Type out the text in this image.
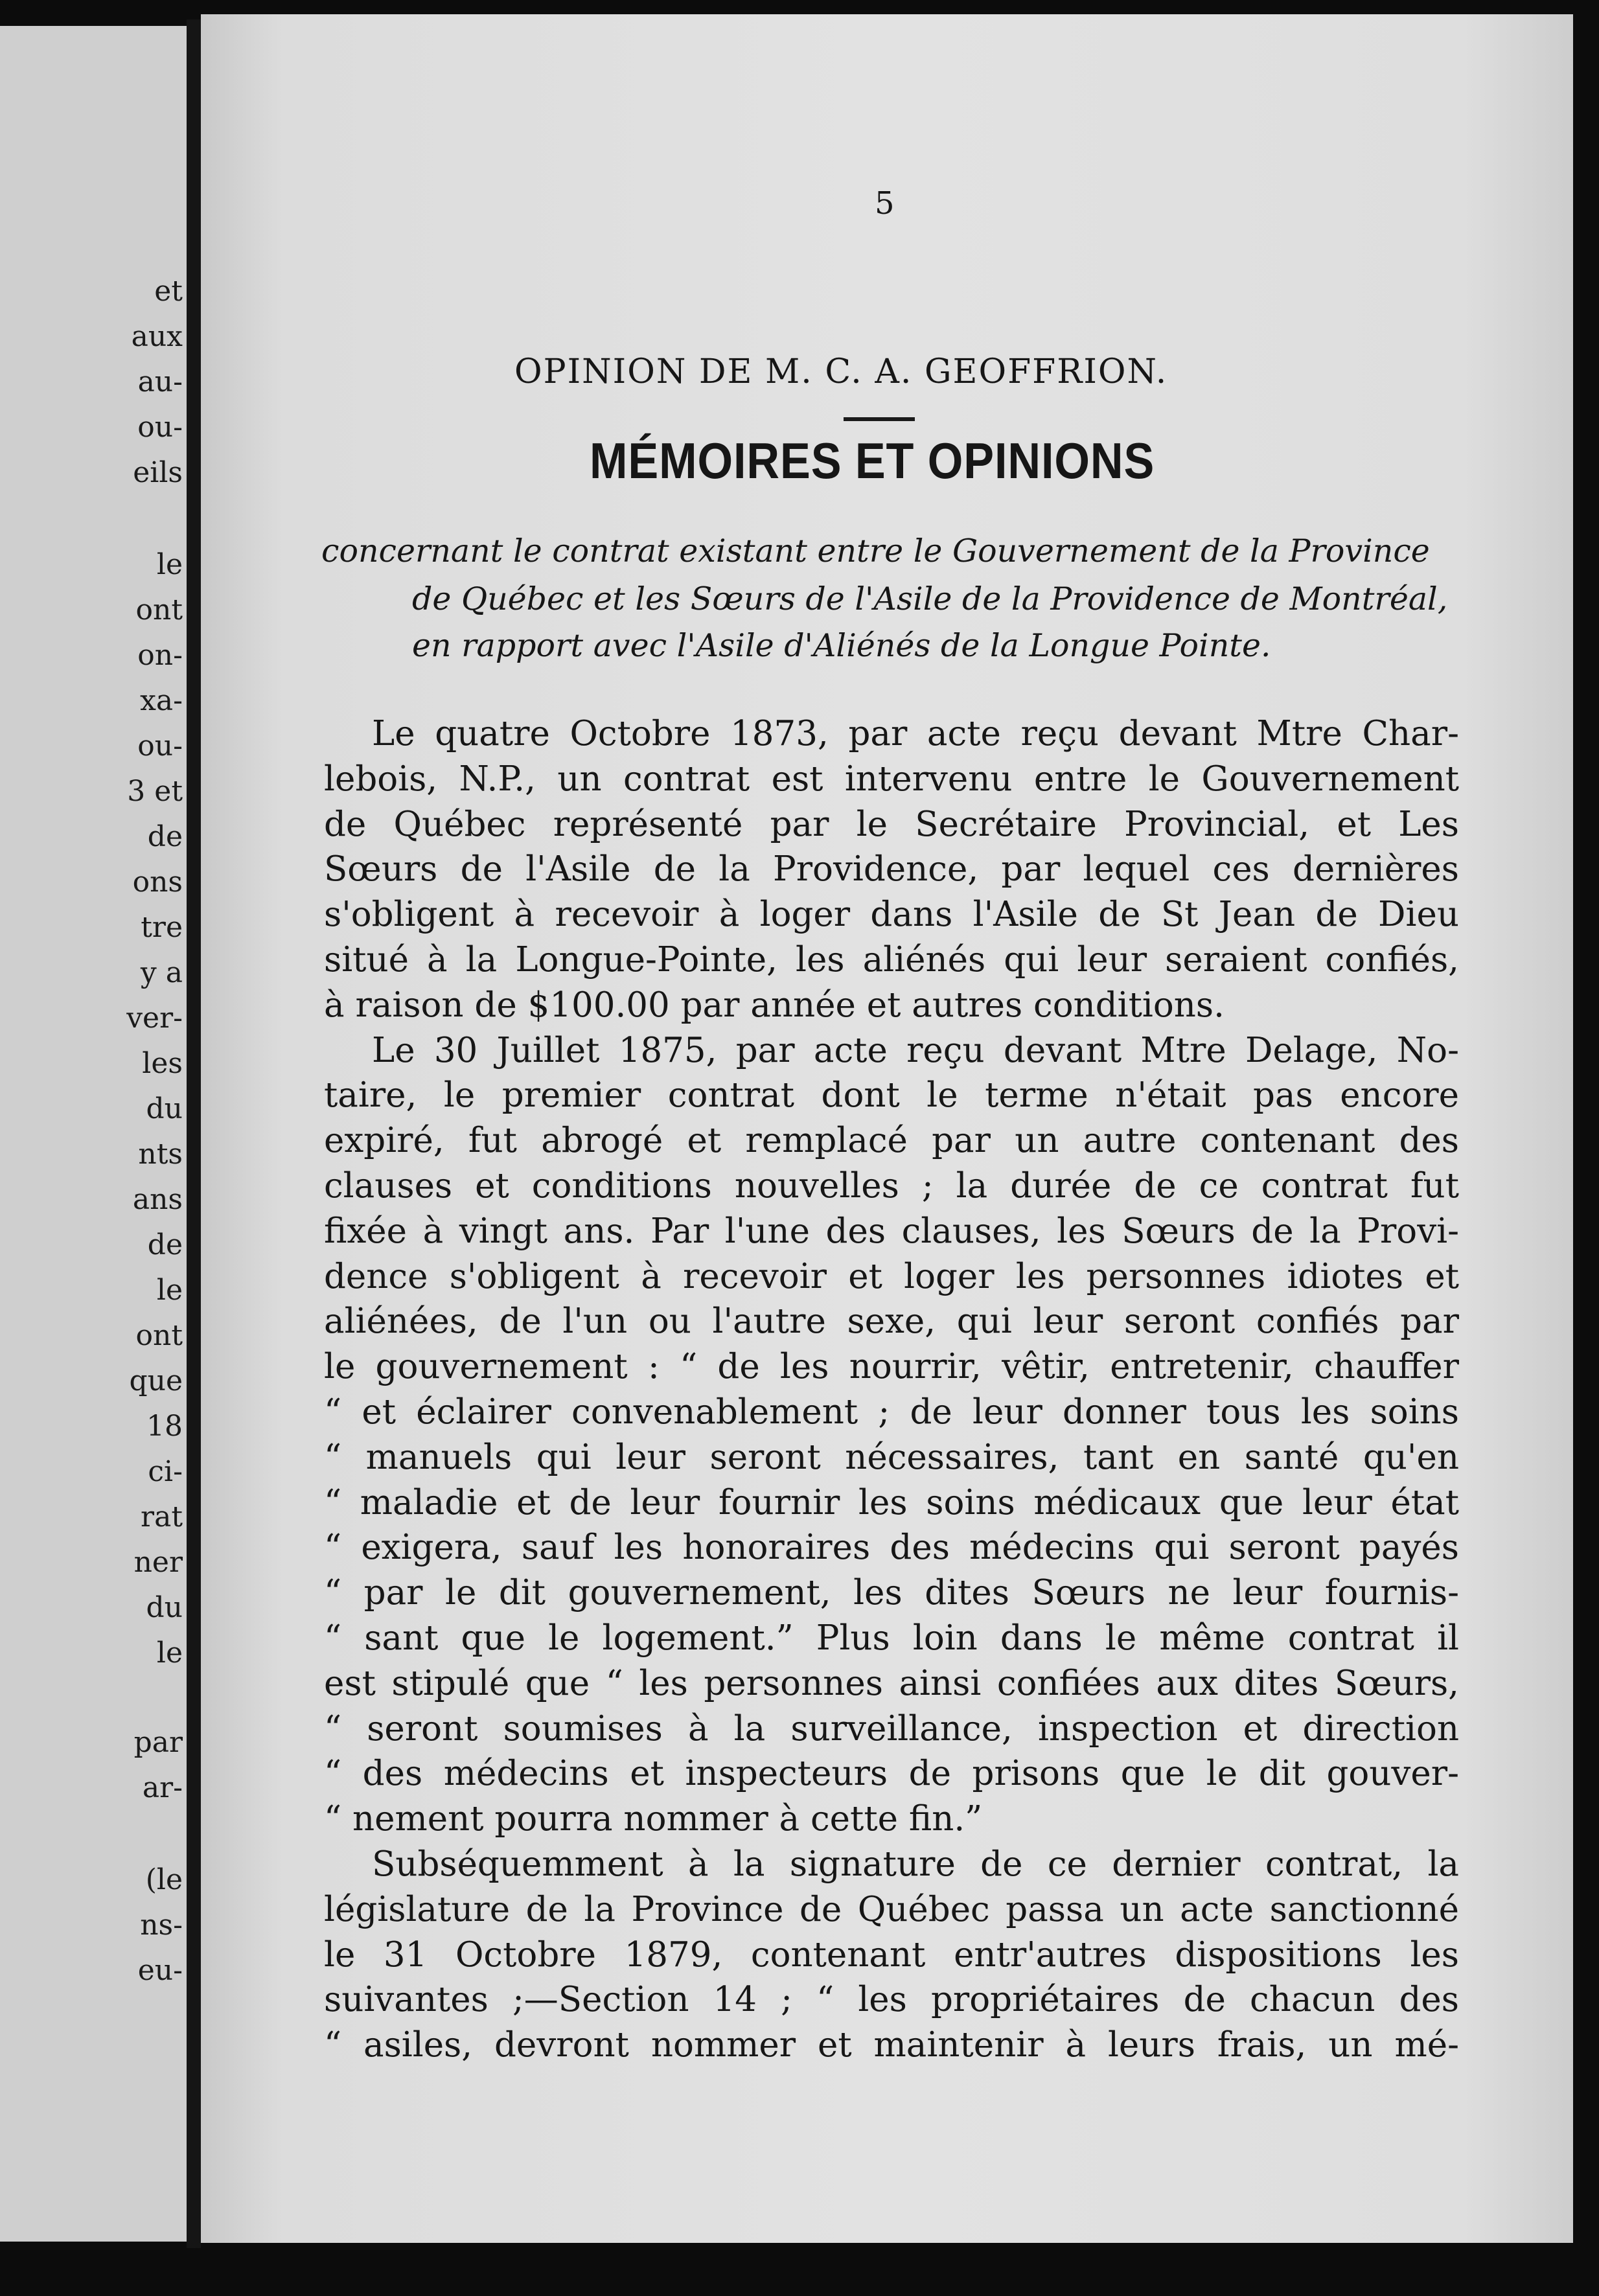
et
aux
au-
ou-
eils
le
ont
on-
xa-
ou-
3 et
de
ons
tre
y a
ver-
les
du
nts
ans
de
le
ont
que
18
ci-
rat
ner
du
le
par
ar-
(le
ns-
eu-
5
OPINION DE M. C. A. GEOFFRION.
MÉMOIRES ET OPINIONS
concernant le contrat existant entre le Gouvernement de la Province
de Québec et les Sœurs de l'Asile de la Providence de Montréal,
en rapport avec l'Asile d'Aliénés de la Longue Pointe.
Le quatre Octobre 1873, par acte reçu devant Mtre Char-
lebois, N.P., un contrat est intervenu entre le Gouvernement
de Québec représenté par le Secrétaire Provincial, et Les
Sœurs de l'Asile de la Providence, par lequel ces dernières
s'obligent à recevoir à loger dans l'Asile de St Jean de Dieu
situé à la Longue-Pointe, les aliénés qui leur seraient confiés,
à raison de $100.00 par année et autres conditions.
Le 30 Juillet 1875, par acte reçu devant Mtre Delage, No-
taire, le premier contrat dont le terme n'était pas encore
expiré, fut abrogé et remplacé par un autre contenant des
clauses et conditions nouvelles ; la durée de ce contrat fut
fixée à vingt ans. Par l'une des clauses, les Sœurs de la Provi-
dence s'obligent à recevoir et loger les personnes idiotes et
aliénées, de l'un ou l'autre sexe, qui leur seront confiés par
le gouvernement : “ de les nourrir, vêtir, entretenir, chauffer
“ et éclairer convenablement ; de leur donner tous les soins
“ manuels qui leur seront nécessaires, tant en santé qu'en
“ maladie et de leur fournir les soins médicaux que leur état
“ exigera, sauf les honoraires des médecins qui seront payés
“ par le dit gouvernement, les dites Sœurs ne leur fournis-
“ sant que le logement.” Plus loin dans le même contrat il
est stipulé que “ les personnes ainsi confiées aux dites Sœurs,
“ seront soumises à la surveillance, inspection et direction
“ des médecins et inspecteurs de prisons que le dit gouver-
“ nement pourra nommer à cette fin.”
Subséquemment à la signature de ce dernier contrat, la
législature de la Province de Québec passa un acte sanctionné
le 31 Octobre 1879, contenant entr'autres dispositions les
suivantes ;—Section 14 ; “ les propriétaires de chacun des
“ asiles, devront nommer et maintenir à leurs frais, un mé-
